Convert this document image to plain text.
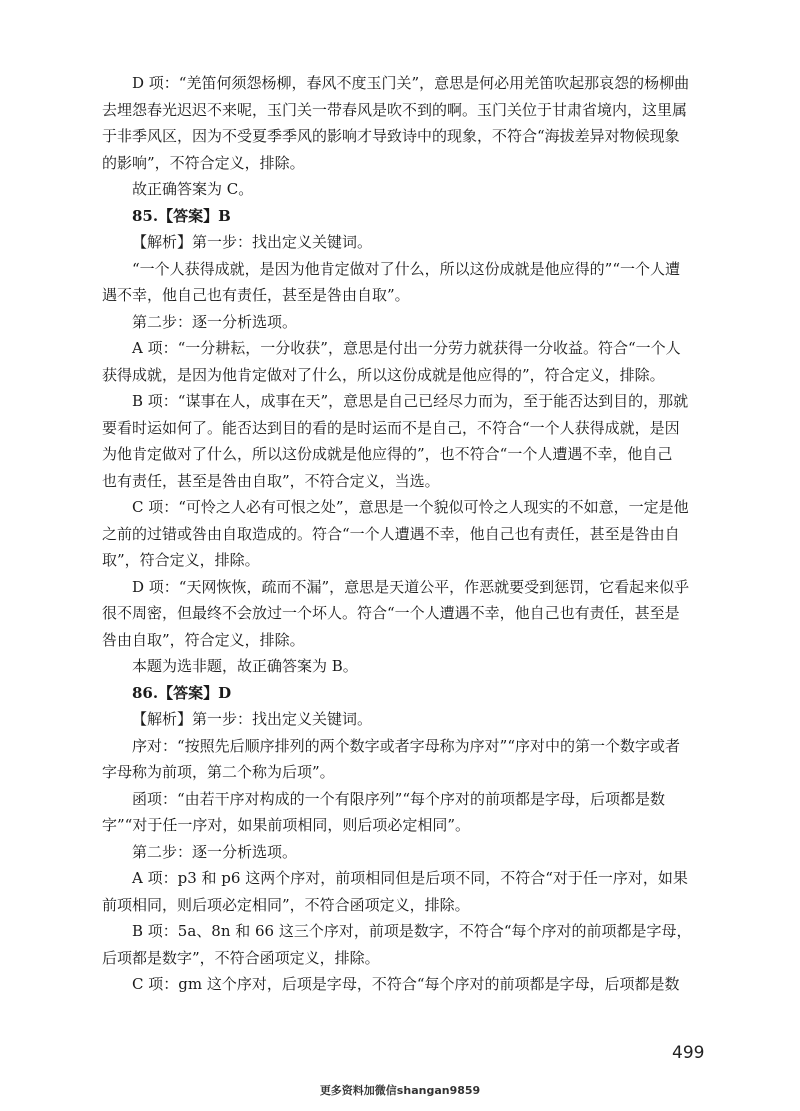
D 项：“羌笛何须怨杨柳，春风不度玉门关”，意思是何必用羌笛吹起那哀怨的杨柳曲
去埋怨春光迟迟不来呢，玉门关一带春风是吹不到的啊。玉门关位于甘肃省境内，这里属
于非季风区，因为不受夏季季风的影响才导致诗中的现象，不符合“海拔差异对物候现象
的影响”，不符合定义，排除。
故正确答案为 C。
85.【答案】B
【解析】第一步：找出定义关键词。
“一个人获得成就，是因为他肯定做对了什么，所以这份成就是他应得的”“一个人遭
遇不幸，他自己也有责任，甚至是咎由自取”。
第二步：逐一分析选项。
A 项：“一分耕耘，一分收获”，意思是付出一分劳力就获得一分收益。符合“一个人
获得成就，是因为他肯定做对了什么，所以这份成就是他应得的”，符合定义，排除。
B 项：“谋事在人，成事在天”，意思是自己已经尽力而为，至于能否达到目的，那就
要看时运如何了。能否达到目的看的是时运而不是自己，不符合“一个人获得成就，是因
为他肯定做对了什么，所以这份成就是他应得的”，也不符合“一个人遭遇不幸，他自己
也有责任，甚至是咎由自取”，不符合定义，当选。
C 项：“可怜之人必有可恨之处”，意思是一个貌似可怜之人现实的不如意，一定是他
之前的过错或咎由自取造成的。符合“一个人遭遇不幸，他自己也有责任，甚至是咎由自
取”，符合定义，排除。
D 项：“天网恢恢，疏而不漏”，意思是天道公平，作恶就要受到惩罚，它看起来似乎
很不周密，但最终不会放过一个坏人。符合“一个人遭遇不幸，他自己也有责任，甚至是
咎由自取”，符合定义，排除。
本题为选非题，故正确答案为 B。
86.【答案】D
【解析】第一步：找出定义关键词。
序对：“按照先后顺序排列的两个数字或者字母称为序对”“序对中的第一个数字或者
字母称为前项，第二个称为后项”。
函项：“由若干序对构成的一个有限序列”“每个序对的前项都是字母，后项都是数
字”“对于任一序对，如果前项相同，则后项必定相同”。
第二步：逐一分析选项。
A 项：p3 和 p6 这两个序对，前项相同但是后项不同，不符合“对于任一序对，如果
前项相同，则后项必定相同”，不符合函项定义，排除。
B 项：5a、8n 和 66 这三个序对，前项是数字，不符合“每个序对的前项都是字母，
后项都是数字”，不符合函项定义，排除。
C 项：gm 这个序对，后项是字母，不符合“每个序对的前项都是字母，后项都是数
499
更多资料加微信shangan9859
